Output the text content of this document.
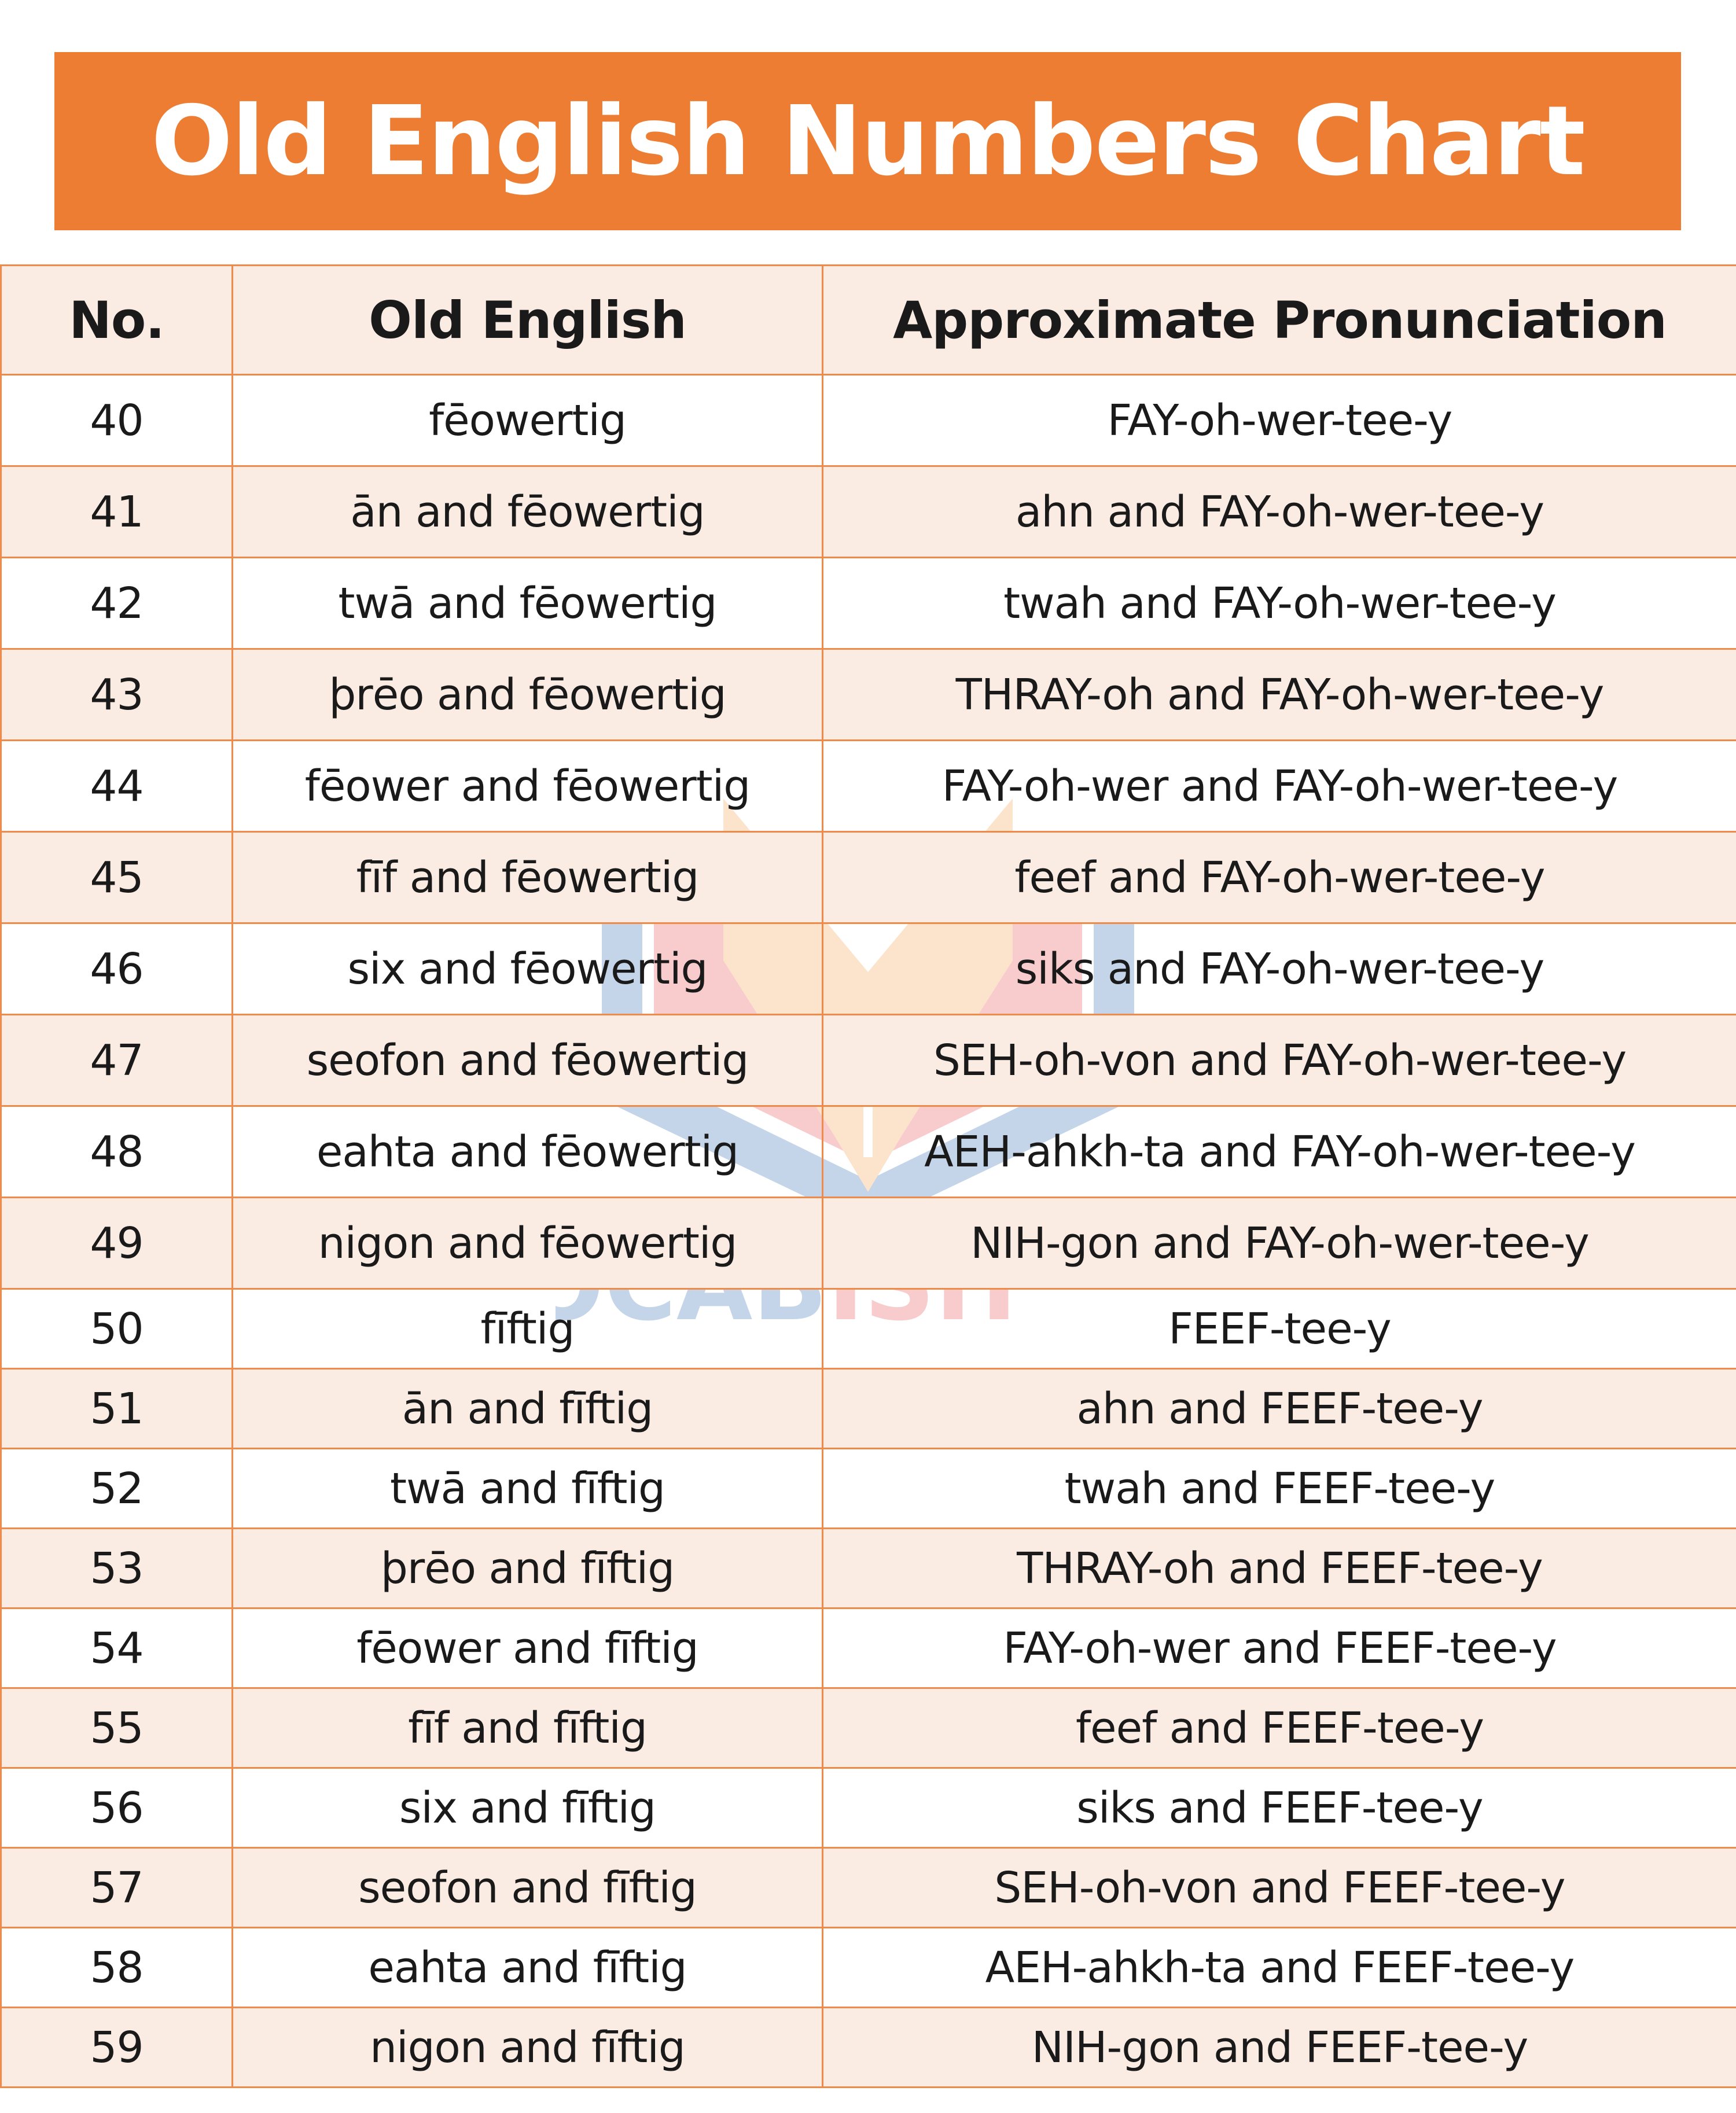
Old English Numbers Chart
No.	Old English	Approximate Pronunciation
40	fēowertig	FAY-oh-wer-tee-y
41	ān and fēowertig	ahn and FAY-oh-wer-tee-y
42	twā and fēowertig	twah and FAY-oh-wer-tee-y
43	þrēo and fēowertig	THRAY-oh and FAY-oh-wer-tee-y
44	fēower and fēowertig	FAY-oh-wer and FAY-oh-wer-tee-y
45	fīf and fēowertig	feef and FAY-oh-wer-tee-y
46	six and fēowertig	siks and FAY-oh-wer-tee-y
47	seofon and fēowertig	SEH-oh-von and FAY-oh-wer-tee-y
48	eahta and fēowertig	AEH-ahkh-ta and FAY-oh-wer-tee-y
49	nigon and fēowertig	NIH-gon and FAY-oh-wer-tee-y
50	fīftig	FEEF-tee-y
51	ān and fīftig	ahn and FEEF-tee-y
52	twā and fīftig	twah and FEEF-tee-y
53	þrēo and fīftig	THRAY-oh and FEEF-tee-y
54	fēower and fīftig	FAY-oh-wer and FEEF-tee-y
55	fīf and fīftig	feef and FEEF-tee-y
56	six and fīftig	siks and FEEF-tee-y
57	seofon and fīftig	SEH-oh-von and FEEF-tee-y
58	eahta and fīftig	AEH-ahkh-ta and FEEF-tee-y
59	nigon and fīftig	NIH-gon and FEEF-tee-y
